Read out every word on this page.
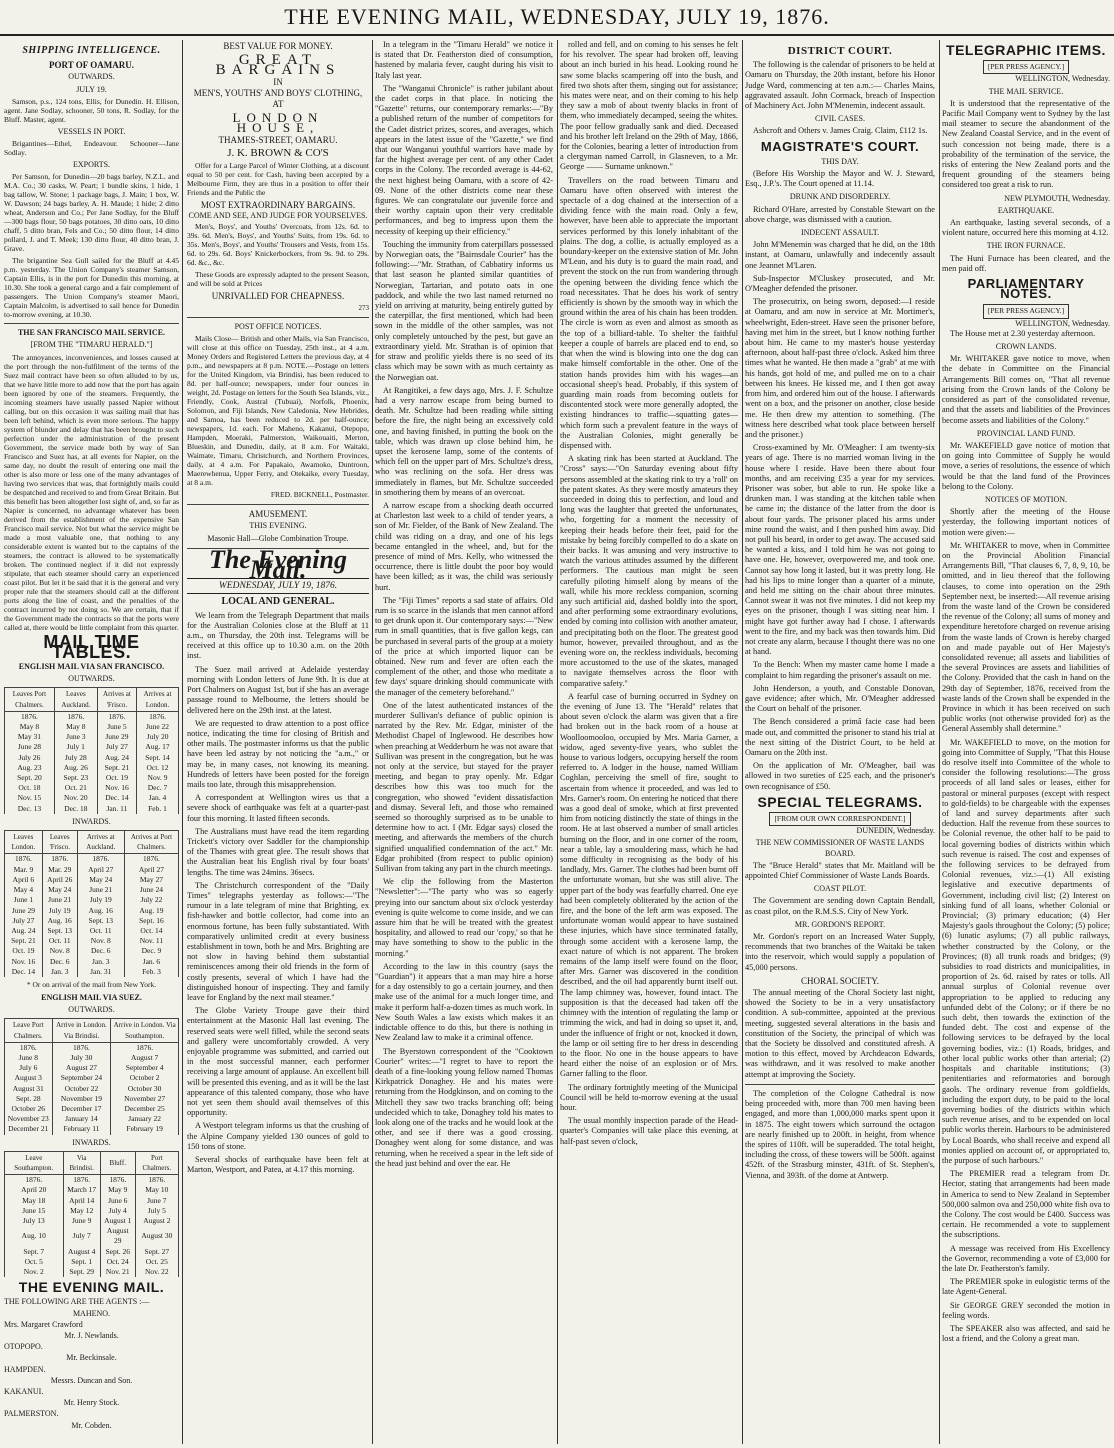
THE EVENING MAIL, WEDNESDAY, JULY 19, 1876.
SHIPPING INTELLIGENCE.
PORT OF OAMARU.
OUTWARDS.
JULY 19.

Samson, p.s., 124 tons, Ellis, for Dunedin. H. Ellison, agent. Jane Sodlay, schooner, 50 tons, R. Sodlay, for the Bluff. Master, agent.

VESSELS IN PORT.

Brigantines—Ethel, Endeavour. Schooner—Jane Sodlay.

EXPORTS.

Per Samson, for Dunedin—20 bags barley, N.Z.L. and M.A. Co.; 30 casks, W. Peart; 1 bundle skins, 1 hide, 1 bag tallow, W. Stone; 1 package bags, J. Main; 1 box, W. W. Dawson; 24 bags barley, A. H. Maude; 1 hide; 2 ditto wheat, Anderson and Co.; Per Jane Sodlay, for the Bluff—300 bags flour, 50 bags potatoes, 30 ditto oats, 10 ditto chaff, 5 ditto bran, Fels and Co.; 50 ditto flour, 14 ditto pollard, J. and T. Meek; 130 ditto flour, 40 ditto bran, J. Grave.

The brigantine Sea Gull sailed for the Bluff at 4.45 p.m. yesterday. The Union Company's steamer Samson, Captain Ellis, is in the port for Dunedin this morning, at 10.30. She took a general cargo and a fair complement of passengers. The Union Company's steamer Maori, Captain Malcolm, is advertised to sail hence for Dunedin to-morrow evening, at 10.30.

THE SAN FRANCISCO MAIL SERVICE.
[FROM THE "TIMARU HERALD."]

The annoyances, inconveniences, and losses caused at the port through the non-fulfilment of the terms of the Suez mail contract have been so often alluded to by us, that we have little more to add now that the port has again been ignored by one of the steamers. Frequently, the incoming steamers have usually passed Napier without calling, but on this occasion it was sailing mail that has been left behind, which is even more serious. The happy system of blunder and delay that has been brought to such perfection under the administration of the present Government, the service made both by way of San Francisco and Suez has, at all events for Napier, on the same day, no doubt the result of entering one mail the other is also more or less one of the many advantages of having two services that was, that fortnightly mails could be despatched and received to and from Great Britain. But this benefit has been altogether lost sight of, and, so far as Napier is concerned, no advantage whatever has been derived from the establishment of the expensive San Francisco mail service. Not but what the service might be made a most valuable one, that nothing to any considerable extent is wanted but to the captains of the steamers, the contract is allowed to be systematically broken. The continued neglect if it did not expressly stipulate, that each steamer should carry an experienced coast pilot. But let it be said that it is the general and very proper rule that the steamers should call at the different ports along the line of coast, and the penalties of the contract incurred by not doing so. We are certain, that if the Government made the contracts so that the ports were called at, there would be little complaint from this quarter.

MAIL TIME TABLES.
ENGLISH MAIL VIA SAN FRANCISCO.
OUTWARDS.
Leaves Port Chalmers.	Leaves Auckland.	Arrives at 'Frisco.	Arrives at London.
1876.	1876.	1876.	1876.
May 8	May 8	June 5	June 22
May 31	June 3	June 29	July 20
June 28	July 1	July 27	Aug. 17
July 26	July 28	Aug. 24	Sept. 14
Aug. 23	Aug. 26	Sept. 21	Oct. 12
Sept. 20	Sept. 23	Oct. 19	Nov. 9
Oct. 18	Oct. 21	Nov. 16	Dec. 7
Nov. 15	Nov. 20	Dec. 14	Jan. 4
Dec. 13	Dec. 18	Jan. 11	Feb. 1
INWARDS.
Leaves London.	Leaves 'Frisco.	Arrives at Auckland.	Arrives at Port Chalmers.
1876.	1876.	1876.	1876.
Mar. 9	Mar. 29	April 27	April 27
April 6	April 26	May 24	May 27
May 4	May 24	June 21	June 24
June 1	June 21	July 19	July 22
June 29	July 19	Aug. 16	Aug. 19
July 27	Aug. 16	Sept. 13	Sept. 16
Aug. 24	Sept. 13	Oct. 11	Oct. 14
Sept. 21	Oct. 11	Nov. 8	Nov. 11
Oct. 19	Nov. 8	Dec. 6	Dec. 9
Nov. 16	Dec. 6	Jan. 3	Jan. 6
Dec. 14	Jan. 3	Jan. 31	Feb. 3
* Or on arrival of the mail from New York.
ENGLISH MAIL VIA SUEZ.
OUTWARDS.
Leave Port Chalmers.	Arrive in London. Via Brindisi.	Arrive in London. Via Southampton.
1876.	1876.	1876.
June 8	July 30	August 7
July 6	August 27	September 4
August 3	September 24	October 2
August 31	October 22	October 30
Sept. 28	November 19	November 27
October 26	December 17	December 25
November 23	January 14	January 22
December 21	February 11	February 19
INWARDS.
Leave Southampton.	Via Brindisi.	Bluff.	Port Chalmers.
1876.	1876.	1876.	1876.
April 20	March 17	May 9	May 10
May 18	April 14	June 6	June 7
June 15	May 12	July 4	July 5
July 13	June 9	August 1	August 2
Aug. 10	July 7	August 29	August 30
Sept. 7	August 4	Sept. 26	Sept. 27
Oct. 5	Sept. 1	Oct. 24	Oct. 25
Nov. 2	Sept. 29	Nov. 21	Nov. 22
THE EVENING MAIL.
THE FOLLOWING ARE THE AGENTS :—
MAHENO.
Mrs. Margaret Crawford
Mr. J. Newlands.
OTOPOPO.
Mr. Beckinsale.
HAMPDEN.
Messrs. Duncan and Son.
KAKANUI.
Mr. Henry Stock.
PALMERSTON.
Mr. Cobden.
BEST VALUE FOR MONEY.
GREAT BARGAINS
IN
MEN'S, YOUTHS' AND BOYS' CLOTHING,
AT
LONDON HOUSE,
THAMES-STREET, OAMARU.
J. K. BROWN & CO'S

Offer for a Large Parcel of Winter Clothing, at a discount equal to 50 per cent. for Cash, having been accepted by a Melbourne Firm, they are thus in a position to offer their Friends and the Public the

MOST EXTRAORDINARY BARGAINS.
COME AND SEE, AND JUDGE FOR YOURSELVES.

Men's, Boys', and Youths' Overcoats, from 12s. 6d. to 39s. 6d. Men's, Boys', and Youths' Suits, from 19s. 6d. to 35s. Men's, Boys', and Youths' Trousers and Vests, from 15s. 6d. to 29s. 6d. Boys' Knickerbockers, from 9s. 9d. to 29s. 6d. &c., &c.

These Goods are expressly adapted to the present Season, and will be sold at Prices

UNRIVALLED FOR CHEAPNESS.
273
POST OFFICE NOTICES.

Mails Close— British and other Mails, via San Francisco, will close at this office on Tuesday, 25th inst., at 4 a.m. Money Orders and Registered Letters the previous day, at 4 p.m., and newspapers at 8 p.m. NOTE.—Postage on letters for the United Kingdom, via Brindisi, has been reduced to 8d. per half-ounce; newspapers, under four ounces in weight, 2d. Postage on letters for the South Sea Islands, viz., Friendly, Cook, Austral (Tubuai), Norfolk, Phoenix, Solomon, and Fiji Islands, New Caledonia, New Hebrides, and Samoa, has been reduced to 2d. per half-ounce; newspapers, 1d. each. For Maheno, Kakanui, Otepopo, Hampden, Moeraki, Palmerston, Waikouaiti, Merton, Blueskin, and Dunedin, daily, at 8 a.m. For Waitaki, Waimate, Timaru, Christchurch, and Northern Provinces, daily, at 4 a.m. For Papakaio, Awamoko, Duntroon, Maerewhenua, Upper Ferry, and Otekaike, every Tuesday, at 8 a.m.

FRED. BICKNELL, Postmaster.
AMUSEMENT.
THIS EVENING.
Masonic Hall—Globe Combination Troupe.
The Evening Mail.
WEDNESDAY, JULY 19, 1876.
LOCAL AND GENERAL.

We learn from the Telegraph Department that mails for the Australian Colonies close at the Bluff at 11 a.m., on Thursday, the 20th inst. Telegrams will be received at this office up to 10.30 a.m. on the 20th inst.

The Suez mail arrived at Adelaide yesterday morning with London letters of June 9th. It is due at Port Chalmers on August 1st, but if she has an average passage round to Melbourne, the letters should be delivered here on the 29th inst. at the latest.

We are requested to draw attention to a post office notice, indicating the time for closing of British and other mails. The postmaster informs us that the public have been led astray by not noticing the "a.m.," or may be, in many cases, not knowing its meaning. Hundreds of letters have been posted for the foreign mails too late, through this misapprehension.

A correspondent at Wellington wires us that a severe shock of earthquake was felt at a quarter-past four this morning. It lasted fifteen seconds.

The Australians must have read the item regarding Trickett's victory over Saddler for the championship of the Thames with great glee. The result shows that the Australian beat his English rival by four boats' lengths. The time was 24mins. 36secs.

The Christchurch correspondent of the "Daily Times" telegraphs yesterday as follows:—"The rumour in a late telegram of mine that Brighting, ex fish-hawker and bottle collector, had come into an enormous fortune, has been fully substantiated. With comparatively unlimited credit at every business establishment in town, both he and Mrs. Brighting are not slow in having behind them substantial reminiscences among their old friends in the form of costly presents, several of which I have had the distinguished honour of inspecting. They and family leave for England by the next mail steamer."

The Globe Variety Troupe gave their third entertainment at the Masonic Hall last evening. The reserved seats were well filled, while the second seats and gallery were uncomfortably crowded. A very enjoyable programme was submitted, and carried out in the most successful manner, each performer receiving a large amount of applause. An excellent bill will be presented this evening, and as it will be the last appearance of this talented company, those who have not yet seen them should avail themselves of this opportunity.

A Westport telegram informs us that the crushing of the Alpine Company yielded 130 ounces of gold to 150 tons of stone.

Several shocks of earthquake have been felt at Marton, Westport, and Patea, at 4.17 this morning.

In a telegram in the "Timaru Herald" we notice it is stated that Dr. Featherston died of consumption, hastened by malaria fever, caught during his visit to Italy last year.

The "Wanganui Chronicle" is rather jubilant about the cadet corps in that place. In noticing the "Gazette" returns, our contemporary remarks:—"By a published return of the number of competitors for the Cadet district prizes, scores, and averages, which appears in the latest issue of the "Gazette," we find that our Wanganui youthful warriors have made by far the highest average per cent. of any other Cadet corps in the Colony. The recorded average is 44-62, the next highest being Oamaru, with a score of 42-09. None of the other districts come near these figures. We can congratulate our juvenile force and their worthy captain upon their very creditable performances, and beg to impress upon them the necessity of keeping up their efficiency."

Touching the immunity from caterpillars possessed by Norwegian oats, the "Bairnsdale Courier" has the following:—"Mr. Strathan, of Cabbatiry informs us that last season he planted similar quantities of Norwegian, Tartarian, and potato oats in one paddock, and while the two last named returned no yield on arriving at maturity, being entirely gutted by the caterpillar, the first mentioned, which had been sown in the middle of the other samples, was not only completely untouched by the pest, but gave an extraordinary yield. Mr. Strathan is of opinion that for straw and prolific yields there is no seed of its class which may be sown with as much certainty as the Norwegian oat.

At Rangitikei, a few days ago, Mrs. J. F. Schultze had a very narrow escape from being burned to death. Mr. Schultze had been reading while sitting before the fire, the night being an excessively cold one, and having finished, in putting the book on the table, which was drawn up close behind him, he upset the kerosene lamp, some of the contents of which fell on the upper part of Mrs. Schultze's dress, who was reclining on the sofa. Her dress was immediately in flames, but Mr. Schultze succeeded in smothering them by means of an overcoat.

A narrow escape from a shocking death occurred at Charleston last week to a child of tender years, a son of Mr. Fielder, of the Bank of New Zealand. The child was riding on a dray, and one of his legs became entangled in the wheel, and, but for the presence of mind of Mrs. Kelly, who witnessed the occurrence, there is little doubt the poor boy would have been killed; as it was, the child was seriously hurt.

The "Fiji Times" reports a sad state of affairs. Old rum is so scarce in the islands that men cannot afford to get drunk upon it. Our contemporary says:—"New rum in small quantities, that is five gallon kegs, can be purchased in several parts of the group at a moiety of the price at which imported liquor can be obtained. New rum and fever are often each the complement of the other, and those who meditate a few days' square drinking should communicate with the manager of the cemetery beforehand."

One of the latest authenticated instances of the murderer Sullivan's defiance of public opinion is narrated by the Rev. Mr. Edgar, minister of the Methodist Chapel of Inglewood. He describes how when preaching at Wedderburn he was not aware that Sullivan was present in the congregation, but he was not only at the service, but stayed for the prayer meeting, and began to pray openly. Mr. Edgar describes how this was too much for the congregation, who showed "evident dissatisfaction and dismay. Several left, and those who remained seemed so thoroughly surprised as to be unable to determine how to act. I (Mr. Edgar says) closed the meeting, and afterwards the members of the church signified unqualified condemnation of the act." Mr. Edgar prohibited (from respect to public opinion) Sullivan from taking any part in the church meetings.

We clip the following from the Masterton "Newsletter":—"The party who was so eagerly preying into our sanctum about six o'clock yesterday evening is quite welcome to come inside, and we can assure him that he will be treated with the greatest hospitality, and allowed to read our 'copy,' so that he may have something to show to the public in the morning."

According to the law in this country (says the "Guardian") it appears that a man may hire a horse for a day ostensibly to go a certain journey, and then make use of the animal for a much longer time, and make it perform half-a-dozen times as much work. In New South Wales a law exists which makes it an indictable offence to do this, but there is nothing in New Zealand law to make it a criminal offence.

The Byerstown correspondent of the "Cooktown Courier" writes:—"I regret to have to report the death of a fine-looking young fellow named Thomas Kirkpatrick Donaghey. He and his mates were returning from the Hodgkinson, and on coming to the Mitchell they saw two tracks branching off; being undecided which to take, Donaghey told his mates to look along one of the tracks and he would look at the other, and see if there was a good crossing. Donaghey went along for some distance, and was returning, when he received a spear in the left side of the head just behind and over the ear. He

rolled and fell, and on coming to his senses he felt for his revolver. The spear had broken off, leaving about an inch buried in his head. Looking round he saw some blacks scampering off into the bush, and fired two shots after them, singing out for assistance; his mates were near, and on their coming to his help they saw a mob of about twenty blacks in front of them, who immediately decamped, seeing the whites. The poor fellow gradually sank and died. Deceased and his brother left Ireland on the 29th of May, 1866, for the Colonies, bearing a letter of introduction from a clergyman named Carroll, in Glasneven, to a Mr. George —— Surname unknown."

Travellers on the road between Timaru and Oamaru have often observed with interest the spectacle of a dog chained at the intersection of a dividing fence with the main road. Only a few, however, have been able to appreciate the important services performed by this lonely inhabitant of the plains. The dog, a collie, is actually employed as a boundary-keeper on the extensive station of Mr. John M'Lean, and his duty is to guard the main road, and prevent the stock on the run from wandering through the opening between the dividing fence which the road necessitates. That he does his work of sentry efficiently is shown by the smooth way in which the ground within the area of his chain has been trodden. The circle is worn as even and almost as smooth as the top of a billiard-table. To shelter the faithful keeper a couple of barrels are placed end to end, so that when the wind is blowing into one the dog can make himself comfortable in the other. One of the station hands provides him with his wages—an occasional sheep's head. Probably, if this system of guarding main roads from becoming outlets for discontented stock were more generally adopted, the existing hindrances to traffic—squatting gates—which form such a prevalent feature in the ways of the Australian Colonies, might generally be dispensed with.

A skating rink has been started at Auckland. The "Cross" says:—"On Saturday evening about fifty persons assembled at the skating rink to try a 'roll' on the patent skates. As they were mostly amateurs they succeeded in doing this to perfection, and loud and long was the laughter that greeted the unfortunates, who, forgetting for a moment the necessity of keeping their heads before their feet, paid for the mistake by being forcibly compelled to do a skate on their backs. It was amusing and very instructive to watch the various attitudes assumed by the different performers. The cautious man might be seen carefully piloting himself along by means of the wall, while his more reckless companion, scorning any such artificial aid, dashed boldly into the sport, and after performing some extraordinary evolutions, ended by coming into collision with another amateur, and precipitating both on the floor. The greatest good humor, however, prevailed throughout, and as the evening wore on, the reckless individuals, becoming more accustomed to the use of the skates, managed to navigate themselves across the floor with comparative safety."

A fearful case of burning occurred in Sydney on the evening of June 13. The "Herald" relates that about seven o'clock the alarm was given that a fire had broken out in the back room of a house at Woolloomooloo, occupied by Mrs. Maria Garner, a widow, aged seventy-five years, who sublet the house to various lodgers, occupying herself the room referred to. A lodger in the house, named William Coghlan, perceiving the smell of fire, sought to ascertain from whence it proceeded, and was led to Mrs. Garner's room. On entering he noticed that there was a good deal of smoke, which at first prevented him from noticing distinctly the state of things in the room. He at last observed a number of small articles burning on the floor, and in one corner of the room, near a table, lay a smouldering mass, which he had some difficulty in recognising as the body of his landlady, Mrs. Garner. The clothes had been burnt off the unfortunate woman, but she was still alive. The upper part of the body was fearfully charred. One eye had been completely obliterated by the action of the fire, and the bone of the left arm was exposed. The unfortunate woman would appear to have sustained these injuries, which have since terminated fatally, through some accident with a kerosene lamp, the exact nature of which is not apparent. The broken remains of the lamp itself were found on the floor, after Mrs. Garner was discovered in the condition described, and the oil had apparently burnt itself out. The lamp chimney was, however, found intact. The supposition is that the deceased had taken off the chimney with the intention of regulating the lamp or trimming the wick, and had in doing so upset it, and, under the influence of fright or not, knocked it down, the lamp or oil setting fire to her dress in descending to the floor. No one in the house appears to have heard either the noise of an explosion or of Mrs. Garner falling to the floor.

The ordinary fortnightly meeting of the Municipal Council will be held to-morrow evening at the usual hour.

The usual monthly inspection parade of the Head-quarter's Companies will take place this evening, at half-past seven o'clock,

DISTRICT COURT.

The following is the calendar of prisoners to be held at Oamaru on Thursday, the 20th instant, before his Honor Judge Ward, commencing at ten a.m.:— Charles Mains, aggravated assault. John Cormack, breach of Inspection of Machinery Act. John M'Menemin, indecent assault.

CIVIL CASES.

Ashcroft and Others v. James Craig. Claim, £112 1s.

MAGISTRATE'S COURT.
THIS DAY.

(Before His Worship the Mayor and W. J. Steward, Esq., J.P.'s. The Court opened at 11.14.

DRUNK AND DISORDERLY.

Richard O'Hare, arrested by Constable Stewart on the above charge, was dismissed with a caution.

INDECENT ASSAULT.

John M'Menemin was charged that he did, on the 18th instant, at Oamaru, unlawfully and indecently assault one Jeannet M'Laren.

Sub-Inspector M'Cluskey prosecuted, and Mr. O'Meagher defended the prisoner.

The prosecutrix, on being sworn, deposed:—I reside at Oamaru, and am now in service at Mr. Mortimer's, wheelwright, Eden-street. Have seen the prisoner before, having met him in the street, but I know nothing further about him. He came to my master's house yesterday afternoon, about half-past three o'clock. Asked him three times what he wanted. He then made a "grab" at me with his hands, got hold of me, and pulled me on to a chair between his knees. He kissed me, and I then got away from him, and ordered him out of the house. I afterwards went on a box, and the prisoner on another, close beside me. He then drew my attention to something. (The witness here described what took place between herself and the prisoner.)

Cross-examined by Mr. O'Meagher: I am twenty-six years of age. There is no married woman living in the house where I reside. Have been there about four months, and am receiving £35 a year for my services. Prisoner was sober, but able to run. He spoke like a drunken man. I was standing at the kitchen table when he came in; the distance of the latter from the door is about four yards. The prisoner placed his arms under mine round the waist, and I then pushed him away. Did not pull his beard, in order to get away. The accused said he wanted a kiss, and I told him he was not going to have one. He, however, overpowered me, and took one. Cannot say how long it lasted, but it was pretty long. He had his lips to mine longer than a quarter of a minute, and held me sitting on the chair about three minutes. Cannot swear it was not five minutes. I did not keep my eyes on the prisoner, though I was sitting near him. I might have got further away had I chose. I afterwards went to the fire, and my back was then towards him. Did not create any alarm, because I thought there was no one at hand.

To the Bench: When my master came home I made a complaint to him regarding the prisoner's assault on me.

John Henderson, a youth, and Constable Donovan, gave evidence; after which, Mr. O'Meagher addressed the Court on behalf of the prisoner.

The Bench considered a primâ facie case had been made out, and committed the prisoner to stand his trial at the next sitting of the District Court, to be held at Oamaru on the 20th inst.

On the application of Mr. O'Meagher, bail was allowed in two sureties of £25 each, and the prisoner's own recognisance of £50.

SPECIAL TELEGRAMS.
[FROM OUR OWN CORRESPONDENT.]
DUNEDIN, Wednesday.
THE NEW COMMISSIONER OF WASTE LANDS BOARD.

The "Bruce Herald" states that Mr. Maitland will be appointed Chief Commissioner of Waste Lands Boards.

COAST PILOT.

The Government are sending down Captain Bendall, as coast pilot, on the R.M.S.S. City of New York.

MR. GORDON'S REPORT.

Mr. Gordon's report on an Increased Water Supply, recommends that two branches of the Waitaki be taken into the reservoir, which would supply a population of 45,000 persons.

CHORAL SOCIETY.

The annual meeting of the Choral Society last night, showed the Society to be in a very unsatisfactory condition. A sub-committee, appointed at the previous meeting, suggested several alterations in the basis and constitution of the Society, the principal of which was that the Society be dissolved and constituted afresh. A motion to this effect, moved by Archdeacon Edwards, was withdrawn, and it was resolved to make another attempt at improving the Society.

The completion of the Cologne Cathedral is now being proceeded with, more than 700 men having been engaged, and more than 1,000,000 marks spent upon it in 1875. The eight towers which surround the octagon are nearly finished up to 200ft. in height, from whence the spires of 110ft. will be superadded. The total height, including the cross, of these towers will be 500ft. against 452ft. of the Strasburg minster, 431ft. of St. Stephen's, Vienna, and 393ft. of the dome at Antwerp.

TELEGRAPHIC ITEMS.
[PER PRESS AGENCY.]
WELLINGTON, Wednesday.
THE MAIL SERVICE.

It is understood that the representative of the Pacific Mail Company went to Sydney by the last mail steamer to secure the abandonment of the New Zealand Coastal Service, and in the event of such concession not being made, there is a probability of the termination of the service, the risks of entering the New Zealand ports and the frequent grounding of the steamers being considered too great a risk to run.

NEW PLYMOUTH, Wednesday.
EARTHQUAKE.

An earthquake, lasting several seconds, of a violent nature, occurred here this morning at 4.12.

THE IRON FURNACE.

The Huni Furnace has been cleared, and the men paid off.

PARLIAMENTARY NOTES.
[PER PRESS AGENCY.]
WELLINGTON, Wednesday.

The House met at 2.30 yesterday afternoon.

CROWN LANDS.

Mr. WHITAKER gave notice to move, when the debate in Committee on the Financial Arrangements Bill comes on, "That all revenue arising from the Crown lands of the Colony be considered as part of the consolidated revenue, and that the assets and liabilities of the Provinces become assets and liabilities of the Colony."

PROVINCIAL LAND FUND.

Mr. WAKEFIELD gave notice of motion that on going into Committee of Supply he would move, a series of resolutions, the essence of which would be that the land fund of the Provinces belong to the Colony.

NOTICES OF MOTION.

Shortly after the meeting of the House yesterday, the following important notices of motion were given:—

Mr. WHITAKER to move, when in Committee on the Provincial Abolition Financial Arrangements Bill, "That clauses 6, 7, 8, 9, 10, be omitted, and in lieu thereof that the following clauses, to come into operation on the 29th September next, be inserted:—All revenue arising from the waste land of the Crown be considered the revenue of the Colony; all sums of money and expenditure heretofore charged on revenue arising from the waste lands of Crown is hereby charged on and made payable out of Her Majesty's consolidated revenue; all assets and liabilities of the several Provinces are assets and liabilities of the Colony. Provided that the cash in hand on the 29th day of September, 1876, received from the waste lands of the Crown shall be expended in the Province in which it has been received on such public works (not otherwise provided for) as the General Assembly shall determine."

Mr. WAKEFIELD to move, on the motion for going into Committee of Supply, "That this House do resolve itself into Committee of the whole to consider the following resolutions:—The gross proceeds of all land sales or leases, either for pastoral or mineral purposes (except with respect to gold-fields) to be chargeable with the expenses of land and survey departments after such deduction. Half the revenue from these sources to be Colonial revenue, the other half to be paid to local governing bodies of districts within which such revenue is raised. The cost and expenses of the following services to be defrayed from Colonial revenues, viz.:—(1) All existing legislative and executive departments of Government, including civil list; (2) Interest on sinking fund of all loans, whether Colonial or Provincial; (3) primary education; (4) Her Majesty's gaols throughout the Colony; (5) police; (6) lunatic asylums; (7) all public railways, whether constructed by the Colony, or the Provinces; (8) all trunk roads and bridges; (9) subsidies to road districts and municipalities, in proportion of 2s. 6d. raised by rates or tolls. All annual surplus of Colonial revenue over appropriation to be applied to reducing any unfunded debt of the Colony; or if there be no such debt, then towards the extinction of the funded debt. The cost and expense of the following services to be defrayed by the local governing bodies, viz.: (1) Roads, bridges, and other local public works other than arterial; (2) hospitals and charitable institutions; (3) penitentiaries and reformatories and borough gaols. The ordinary revenue from goldfields, including the export duty, to be paid to the local governing bodies of the districts within which such revenue arises, and to be expended on local public works therein. Harbours to be administered by Local Boards, who shall receive and expend all monies applied on account of, or appropriated to, the purpose of such harbours."

The PREMIER read a telegram from Dr. Hector, stating that arrangements had been made in America to send to New Zealand in September 500,000 salmon ova and 250,000 white fish ova to the Colony. The cost would be £400. Success was certain. He recommended a vote to supplement the subscriptions.

A message was received from His Excellency the Governor, recommending a vote of £3,000 for the late Dr. Featherston's family.

The PREMIER spoke in eulogistic terms of the late Agent-General.

Sir GEORGE GREY seconded the motion in feeling words.

The SPEAKER also was affected, and said he lost a friend, and the Colony a great man.
